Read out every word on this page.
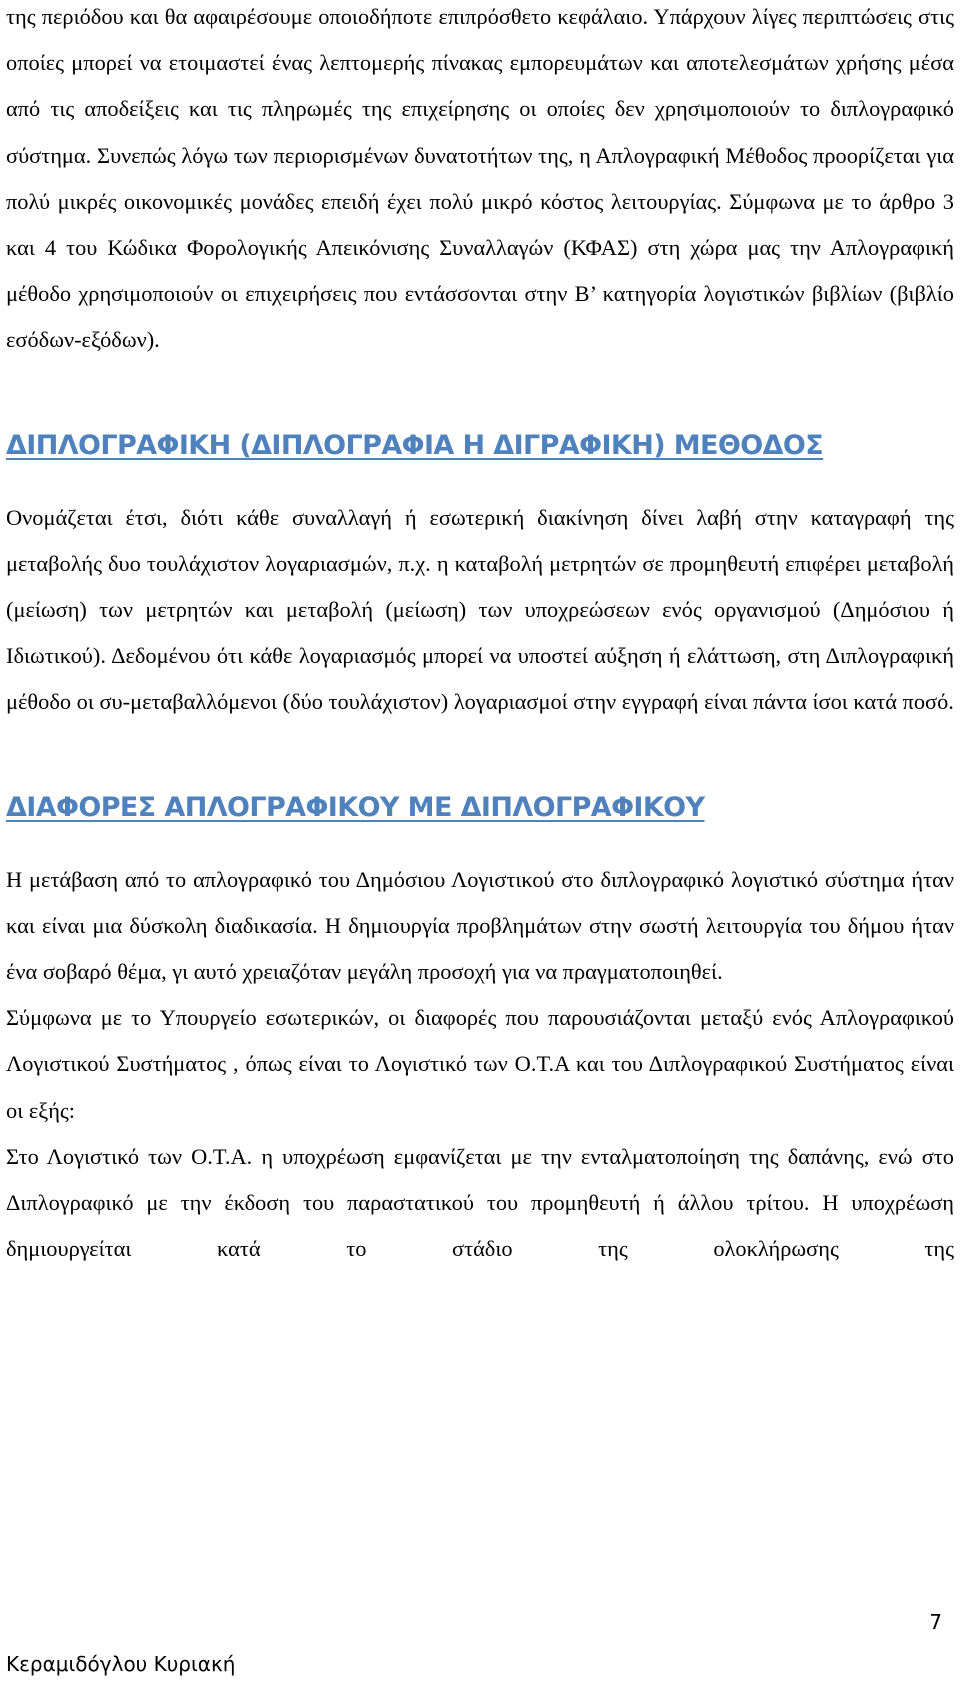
της περιόδου και θα αφαιρέσουμε οποιοδήποτε επιπρόσθετο κεφάλαιο. Υπάρχουν λίγες περιπτώσεις στις οποίες μπορεί να ετοιμαστεί ένας λεπτομερής πίνακας εμπορευμάτων και αποτελεσμάτων χρήσης μέσα από τις αποδείξεις και τις πληρωμές της επιχείρησης οι οποίες δεν χρησιμοποιούν το διπλογραφικό σύστημα. Συνεπώς λόγω των περιορισμένων δυνατοτήτων της, η Απλογραφική Μέθοδος προορίζεται για πολύ μικρές οικονομικές μονάδες επειδή έχει πολύ μικρό κόστος λειτουργίας. Σύμφωνα με το άρθρο 3 και 4 του Κώδικα Φορολογικής Απεικόνισης Συναλλαγών (ΚΦΑΣ) στη χώρα μας την Απλογραφική μέθοδο χρησιμοποιούν οι επιχειρήσεις που εντάσσονται στην Β’ κατηγορία λογιστικών βιβλίων (βιβλίο εσόδων-εξόδων).

ΔΙΠΛΟΓΡΑΦΙΚΗ (ΔΙΠΛΟΓΡΑΦΙΑ Η ΔΙΓΡΑΦΙΚΗ) ΜΕΘΟΔΟΣ

Ονομάζεται έτσι, διότι κάθε συναλλαγή ή εσωτερική διακίνηση δίνει λαβή στην καταγραφή της μεταβολής δυο τουλάχιστον λογαριασμών, π.χ. η καταβολή μετρητών σε προμηθευτή επιφέρει μεταβολή (μείωση) των μετρητών και μεταβολή (μείωση) των υποχρεώσεων ενός οργανισμού (Δημόσιου ή Ιδιωτικού). Δεδομένου ότι κάθε λογαριασμός μπορεί να υποστεί αύξηση ή ελάττωση, στη Διπλογραφική μέθοδο οι συ-μεταβαλλόμενοι (δύο τουλάχιστον) λογαριασμοί στην εγγραφή είναι πάντα ίσοι κατά ποσό.

ΔΙΑΦΟΡΕΣ ΑΠΛΟΓΡΑΦΙΚΟΥ ΜΕ ΔΙΠΛΟΓΡΑΦΙΚΟΥ

Η μετάβαση από το απλογραφικό του Δημόσιου Λογιστικού στο διπλογραφικό λογιστικό σύστημα ήταν και είναι μια δύσκολη διαδικασία. Η δημιουργία προβλημάτων στην σωστή λειτουργία του δήμου ήταν ένα σοβαρό θέμα, γι αυτό χρειαζόταν μεγάλη προσοχή για να πραγματοποιηθεί.

Σύμφωνα με το Υπουργείο εσωτερικών, οι διαφορές που παρουσιάζονται μεταξύ ενός Απλογραφικού Λογιστικού Συστήματος , όπως είναι το Λογιστικό των Ο.Τ.Α και του Διπλογραφικού Συστήματος είναι οι εξής:

Στο Λογιστικό των Ο.Τ.Α. η υποχρέωση εμφανίζεται με την ενταλματοποίηση της δαπάνης, ενώ στο Διπλογραφικό με την έκδοση του παραστατικού του προμηθευτή ή άλλου τρίτου. Η υποχρέωση δημιουργείται κατά το στάδιο της ολοκλήρωσης της

7
Κεραμιδόγλου Κυριακή
